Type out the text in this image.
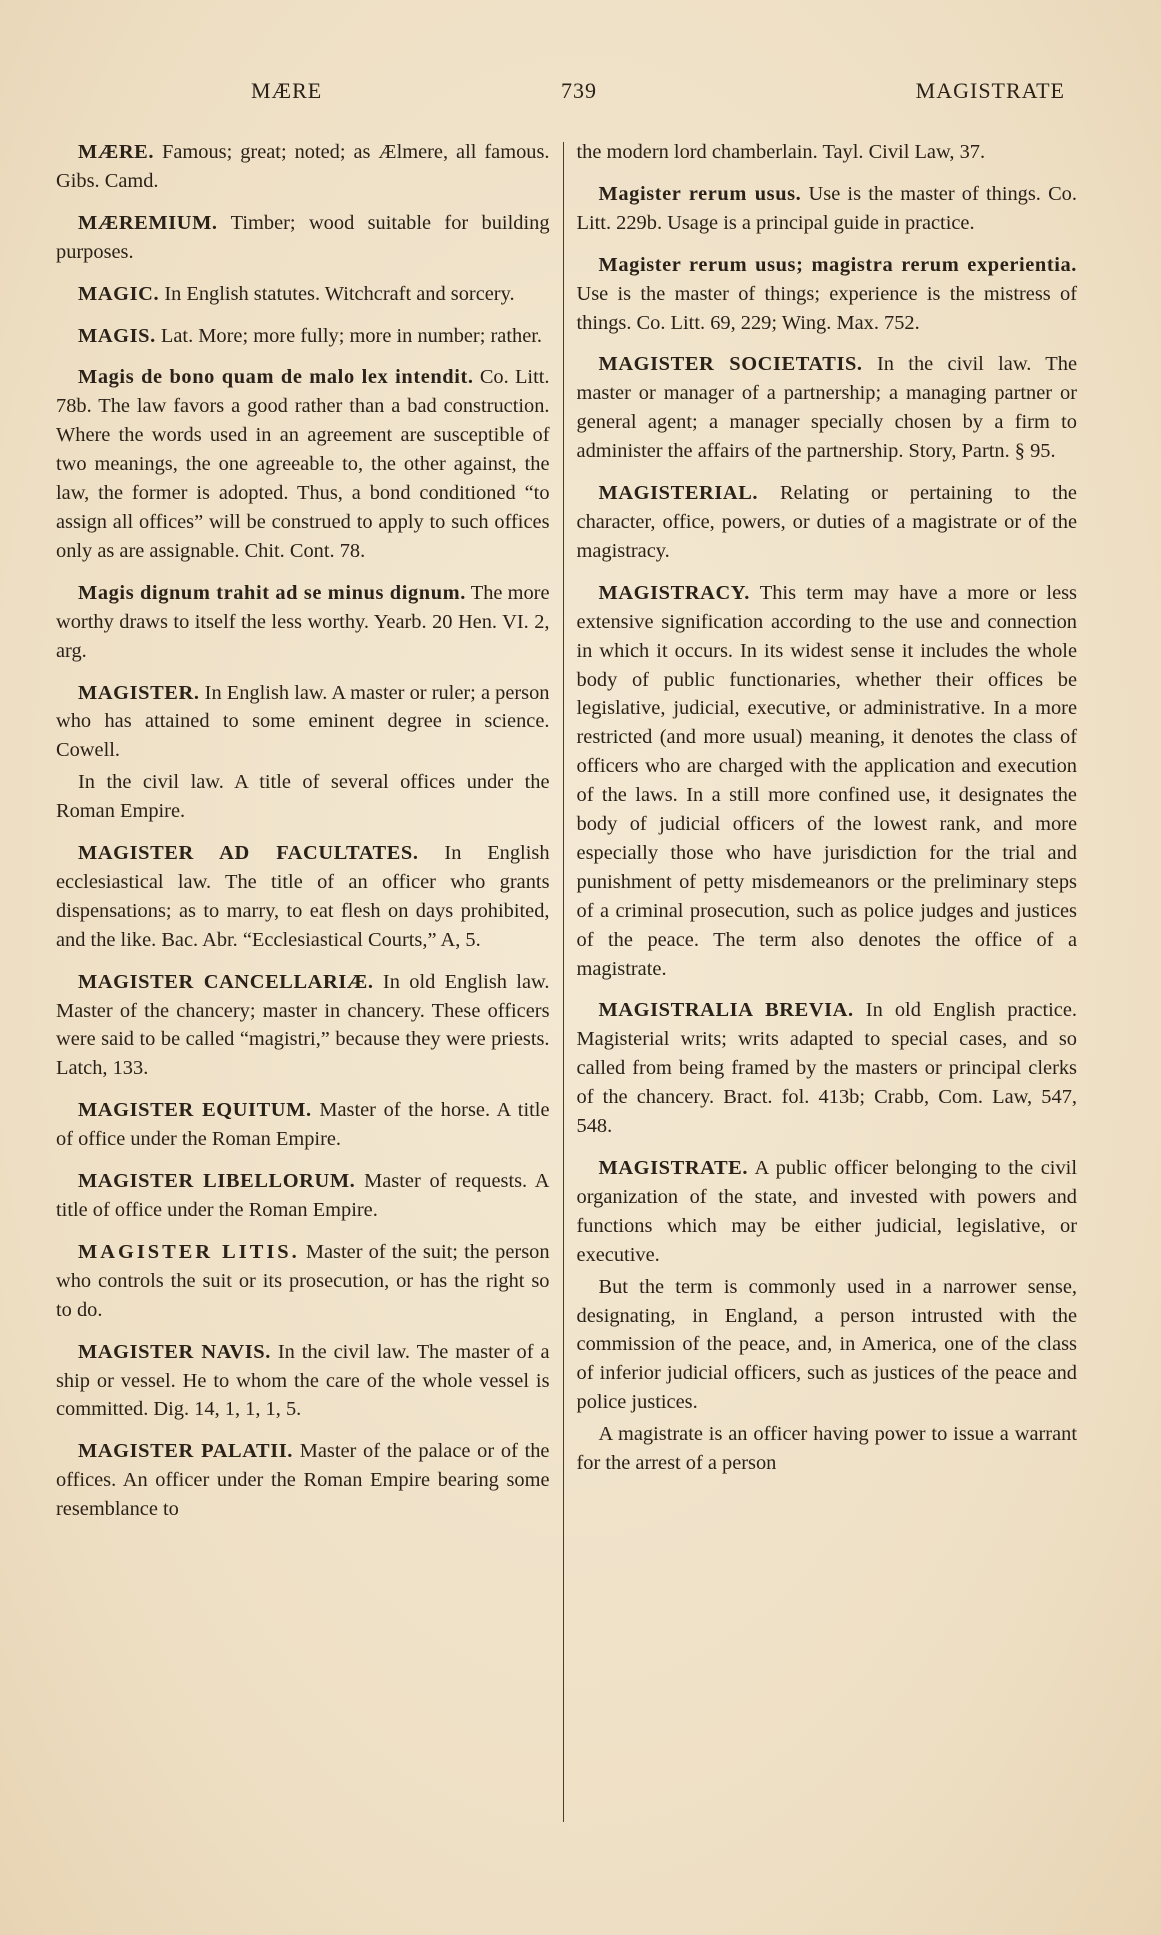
MÆRE	739	MAGISTRATE

MÆRE. Famous; great; noted; as Ælmere, all famous. Gibs. Camd.

MÆREMIUM. Timber; wood suitable for building purposes.

MAGIC. In English statutes. Witchcraft and sorcery.

MAGIS. Lat. More; more fully; more in number; rather.

Magis de bono quam de malo lex intendit. Co. Litt. 78b. The law favors a good rather than a bad construction. Where the words used in an agreement are susceptible of two meanings, the one agreeable to, the other against, the law, the former is adopted. Thus, a bond conditioned “to assign all offices” will be construed to apply to such offices only as are assignable. Chit. Cont. 78.

Magis dignum trahit ad se minus dignum. The more worthy draws to itself the less worthy. Yearb. 20 Hen. VI. 2, arg.

MAGISTER. In English law. A master or ruler; a person who has attained to some eminent degree in science. Cowell.

In the civil law. A title of several offices under the Roman Empire.

MAGISTER AD FACULTATES. In English ecclesiastical law. The title of an officer who grants dispensations; as to marry, to eat flesh on days prohibited, and the like. Bac. Abr. “Ecclesiastical Courts,” A, 5.

MAGISTER CANCELLARIÆ. In old English law. Master of the chancery; master in chancery. These officers were said to be called “magistri,” because they were priests. Latch, 133.

MAGISTER EQUITUM. Master of the horse. A title of office under the Roman Empire.

MAGISTER LIBELLORUM. Master of requests. A title of office under the Roman Empire.

MAGISTER LITIS. Master of the suit; the person who controls the suit or its prosecution, or has the right so to do.

MAGISTER NAVIS. In the civil law. The master of a ship or vessel. He to whom the care of the whole vessel is committed. Dig. 14, 1, 1, 1, 5.

MAGISTER PALATII. Master of the palace or of the offices. An officer under the Roman Empire bearing some resemblance to

the modern lord chamberlain. Tayl. Civil Law, 37.

Magister rerum usus. Use is the master of things. Co. Litt. 229b. Usage is a principal guide in practice.

Magister rerum usus; magistra rerum experientia. Use is the master of things; experience is the mistress of things. Co. Litt. 69, 229; Wing. Max. 752.

MAGISTER SOCIETATIS. In the civil law. The master or manager of a partnership; a managing partner or general agent; a manager specially chosen by a firm to administer the affairs of the partnership. Story, Partn. § 95.

MAGISTERIAL. Relating or pertaining to the character, office, powers, or duties of a magistrate or of the magistracy.

MAGISTRACY. This term may have a more or less extensive signification according to the use and connection in which it occurs. In its widest sense it includes the whole body of public functionaries, whether their offices be legislative, judicial, executive, or administrative. In a more restricted (and more usual) meaning, it denotes the class of officers who are charged with the application and execution of the laws. In a still more confined use, it designates the body of judicial officers of the lowest rank, and more especially those who have jurisdiction for the trial and punishment of petty misdemeanors or the preliminary steps of a criminal prosecution, such as police judges and justices of the peace. The term also denotes the office of a magistrate.

MAGISTRALIA BREVIA. In old English practice. Magisterial writs; writs adapted to special cases, and so called from being framed by the masters or principal clerks of the chancery. Bract. fol. 413b; Crabb, Com. Law, 547, 548.

MAGISTRATE. A public officer belonging to the civil organization of the state, and invested with powers and functions which may be either judicial, legislative, or executive.

But the term is commonly used in a narrower sense, designating, in England, a person intrusted with the commission of the peace, and, in America, one of the class of inferior judicial officers, such as justices of the peace and police justices.

A magistrate is an officer having power to issue a warrant for the arrest of a person
